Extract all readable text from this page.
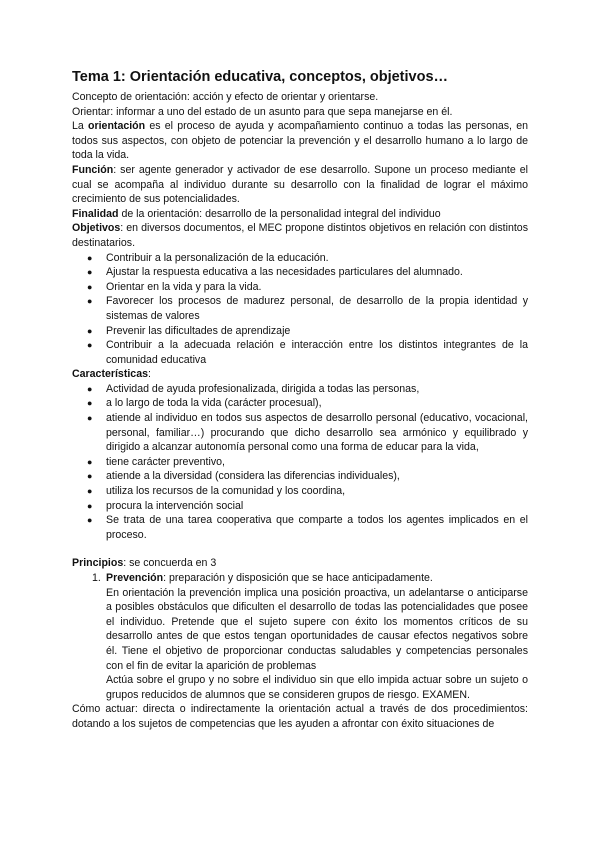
Tema 1: Orientación educativa, conceptos, objetivos…

Concepto de orientación: acción y efecto de orientar y orientarse.

Orientar: informar a uno del estado de un asunto para que sepa manejarse en él.

La orientación es el proceso de ayuda y acompañamiento continuo a todas las personas, en todos sus aspectos, con objeto de potenciar la prevención y el desarrollo humano a lo largo de toda la vida.

Función: ser agente generador y activador de ese desarrollo. Supone un proceso mediante el cual se acompaña al individuo durante su desarrollo con la finalidad de lograr el máximo crecimiento de sus potencialidades.

Finalidad de la orientación: desarrollo de la personalidad integral del individuo

Objetivos: en diversos documentos, el MEC propone distintos objetivos en relación con distintos destinatarios.

● Contribuir a la personalización de la educación.
● Ajustar la respuesta educativa a las necesidades particulares del alumnado.
● Orientar en la vida y para la vida.
● Favorecer los procesos de madurez personal, de desarrollo de la propia identidad y sistemas de valores
● Prevenir las dificultades de aprendizaje
● Contribuir a la adecuada relación e interacción entre los distintos integrantes de la comunidad educativa

Características:

● Actividad de ayuda profesionalizada, dirigida a todas las personas,
● a lo largo de toda la vida (carácter procesual),
● atiende al individuo en todos sus aspectos de desarrollo personal (educativo, vocacional, personal, familiar…) procurando que dicho desarrollo sea armónico y equilibrado y dirigido a alcanzar autonomía personal como una forma de educar para la vida,
● tiene carácter preventivo,
● atiende a la diversidad (considera las diferencias individuales),
● utiliza los recursos de la comunidad y los coordina,
● procura la intervención social
● Se trata de una tarea cooperativa que comparte a todos los agentes implicados en el proceso.

Principios: se concuerda en 3

1. Prevención: preparación y disposición que se hace anticipadamente.

En orientación la prevención implica una posición proactiva, un adelantarse o anticiparse a posibles obstáculos que dificulten el desarrollo de todas las potencialidades que posee el individuo. Pretende que el sujeto supere con éxito los momentos críticos de su desarrollo antes de que estos tengan oportunidades de causar efectos negativos sobre él. Tiene el objetivo de proporcionar conductas saludables y competencias personales con el fin de evitar la aparición de problemas

Actúa sobre el grupo y no sobre el individuo sin que ello impida actuar sobre un sujeto o grupos reducidos de alumnos que se consideren grupos de riesgo. EXAMEN.

Cómo actuar: directa o indirectamente la orientación actual a través de dos procedimientos: dotando a los sujetos de competencias que les ayuden a afrontar con éxito situaciones de
